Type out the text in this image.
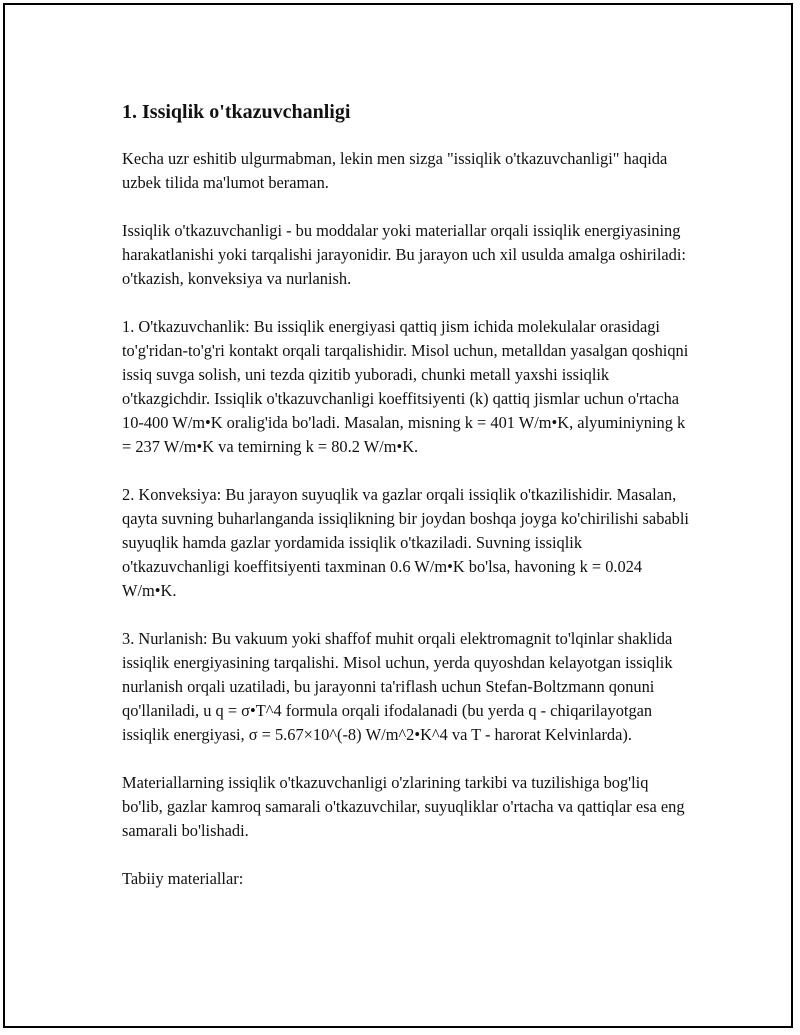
1. Issiqlik o'tkazuvchanligi

Kecha uzr eshitib ulgurmabman, lekin men sizga "issiqlik o'tkazuvchanligi" haqida uzbek tilida ma'lumot beraman.

Issiqlik o'tkazuvchanligi - bu moddalar yoki materiallar orqali issiqlik energiyasining harakatlanishi yoki tarqalishi jarayonidir. Bu jarayon uch xil usulda amalga oshiriladi: o'tkazish, konveksiya va nurlanish.

1. O'tkazuvchanlik: Bu issiqlik energiyasi qattiq jism ichida molekulalar orasidagi to'g'ridan-to'g'ri kontakt orqali tarqalishidir. Misol uchun, metalldan yasalgan qoshiqni issiq suvga solish, uni tezda qizitib yuboradi, chunki metall yaxshi issiqlik o'tkazgichdir. Issiqlik o'tkazuvchanligi koeffitsiyenti (k) qattiq jismlar uchun o'rtacha 10-400 W/m•K oralig'ida bo'ladi. Masalan, misning k = 401 W/m•K, alyuminiyning k = 237 W/m•K va temirning k = 80.2 W/m•K.

2. Konveksiya: Bu jarayon suyuqlik va gazlar orqali issiqlik o'tkazilishidir. Masalan, qayta suvning buharlanganda issiqlikning bir joydan boshqa joyga ko'chirilishi sababli suyuqlik hamda gazlar yordamida issiqlik o'tkaziladi. Suvning issiqlik o'tkazuvchanligi koeffitsiyenti taxminan 0.6 W/m•K bo'lsa, havoning k = 0.024 W/m•K.

3. Nurlanish: Bu vakuum yoki shaffof muhit orqali elektromagnit to'lqinlar shaklida issiqlik energiyasining tarqalishi. Misol uchun, yerda quyoshdan kelayotgan issiqlik nurlanish orqali uzatiladi, bu jarayonni ta'riflash uchun Stefan-Boltzmann qonuni qo'llaniladi, u q = σ•T^4 formula orqali ifodalanadi (bu yerda q - chiqarilayotgan issiqlik energiyasi, σ = 5.67×10^(-8) W/m^2•K^4 va T - harorat Kelvinlarda).

Materiallarning issiqlik o'tkazuvchanligi o'zlarining tarkibi va tuzilishiga bog'liq bo'lib, gazlar kamroq samarali o'tkazuvchilar, suyuqliklar o'rtacha va qattiqlar esa eng samarali bo'lishadi.

Tabiiy materiallar:
